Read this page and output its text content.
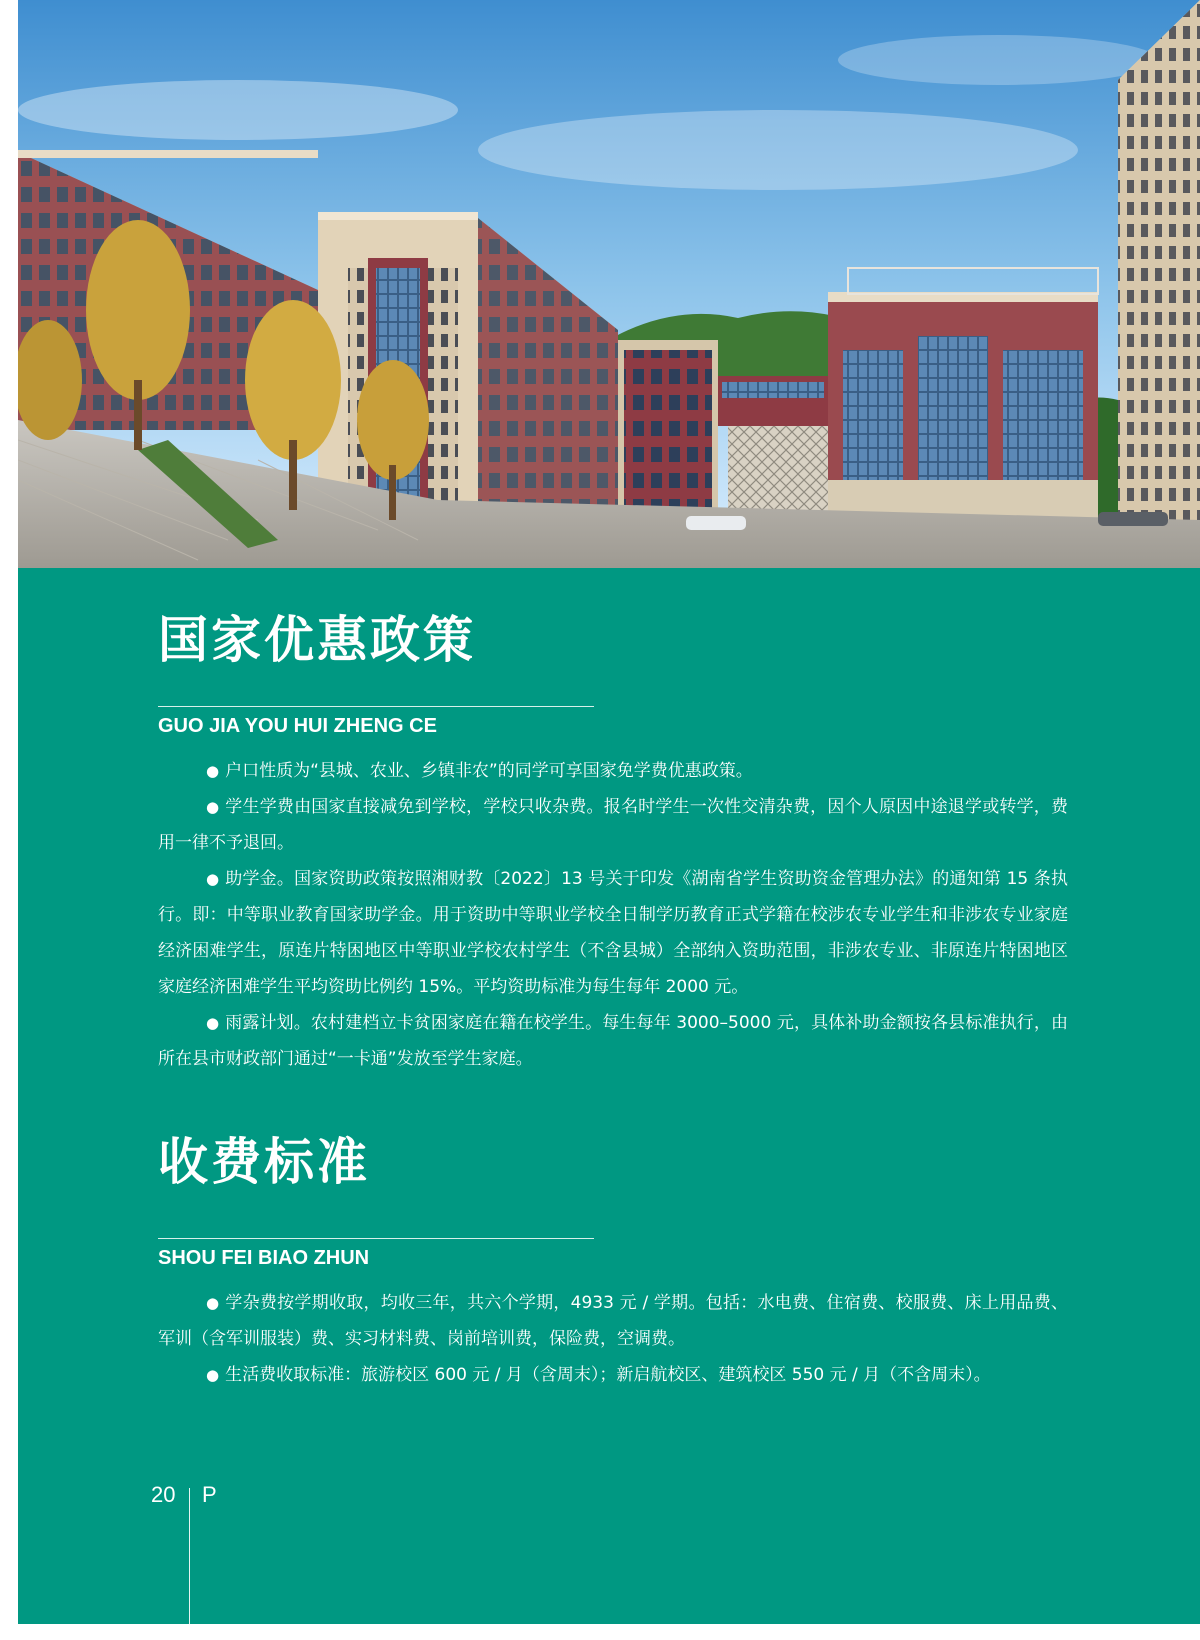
国家优惠政策
GUO JIA YOU HUI ZHENG CE

● 户口性质为“县城、农业、乡镇非农”的同学可享国家免学费优惠政策。

● 学生学费由国家直接减免到学校，学校只收杂费。报名时学生一次性交清杂费，因个人原因中途退学或转学，费用一律不予退回。

● 助学金。国家资助政策按照湘财教〔2022〕13 号关于印发《湖南省学生资助资金管理办法》的通知第 15 条执行。即：中等职业教育国家助学金。用于资助中等职业学校全日制学历教育正式学籍在校涉农专业学生和非涉农专业家庭经济困难学生，原连片特困地区中等职业学校农村学生（不含县城）全部纳入资助范围，非涉农专业、非原连片特困地区家庭经济困难学生平均资助比例约 15%。平均资助标准为每生每年 2000 元。

● 雨露计划。农村建档立卡贫困家庭在籍在校学生。每生每年 3000–5000 元，具体补助金额按各县标准执行，由所在县市财政部门通过“一卡通”发放至学生家庭。

收费标准
SHOU FEI BIAO ZHUN

● 学杂费按学期收取，均收三年，共六个学期，4933 元 / 学期。包括：水电费、住宿费、校服费、床上用品费、军训（含军训服装）费、实习材料费、岗前培训费，保险费，空调费。

● 生活费收取标准：旅游校区 600 元 / 月（含周末）；新启航校区、建筑校区 550 元 / 月（不含周末）。

20 P
